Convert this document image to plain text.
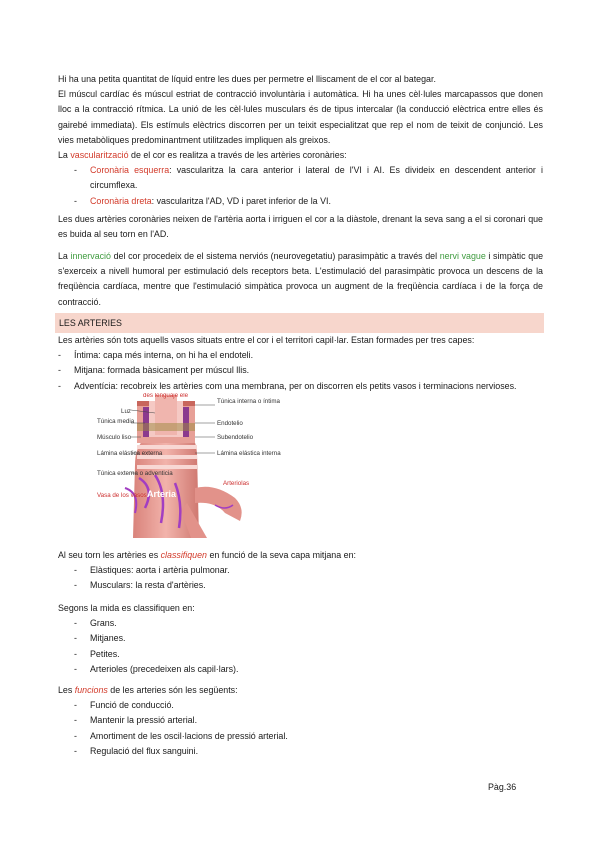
Hi ha una petita quantitat de líquid entre les dues per permetre el lliscament de el cor al bategar.

El múscul cardíac és múscul estriat de contracció involuntària i automàtica. Hi ha unes cèl·lules marcapassos que donen lloc a la contracció rítmica. La unió de les cèl·lules musculars és de tipus intercalar (la conducció elèctrica entre elles és gairebé immediata). Els estímuls elèctrics discorren per un teixit especialitzat que rep el nom de teixit de conjunció. Les vies metabòliques predominantment utilitzades impliquen als greixos.

La vascularització de el cor es realitza a través de les artèries coronàries:

- Coronària esquerra: vascularitza la cara anterior i lateral de l'VI i AI. Es divideix en descendent anterior i circumflexa.

- Coronària dreta: vascularitza l'AD, VD i paret inferior de la VI.

Les dues artèries coronàries neixen de l'artèria aorta i irriguen el cor a la diàstole, drenant la seva sang a el si coronari que es buida al seu torn en l'AD.

La innervació del cor procedeix de el sistema nerviós (neurovegetatiu) parasimpàtic a través del nervi vague i simpàtic que s'exerceix a nivell humoral per estimulació dels receptors beta. L'estimulació del parasimpàtic provoca un descens de la freqüència cardíaca, mentre que l'estimulació simpàtica provoca un augment de la freqüència cardíaca i de la força de contracció.

LES ARTERIES

Les artèries són tots aquells vasos situats entre el cor i el territori capil·lar. Estan formades per tres capes:

- Íntima: capa més interna, on hi ha el endoteli.

- Mitjana: formada bàsicament per múscul llis.

- Adventícia: recobreix les artèries com una membrana, per on discorren els petits vasos i terminacions nervioses.

des lenguaje ele
Luz
Túnica media
Músculo liso
Lámina elástica externa
Túnica externa o adventicia
Vasa de los vasos
Túnica interna o íntima
Endotelio
Subendotelio
Lámina elástica interna
Arteria
Arteriolas

Al seu torn les artèries es classifiquen en funció de la seva capa mitjana en:

- Elàstiques: aorta i artèria pulmonar.

- Musculars: la resta d'artèries.

Segons la mida es classifiquen en:

- Grans.

- Mitjanes.

- Petites.

- Arterioles (precedeixen als capil·lars).

Les funcions de les arteries són les següents:

- Funció de conducció.

- Mantenir la pressió arterial.

- Amortiment de les oscil·lacions de pressió arterial.

- Regulació del flux sanguini.

Pàg.36
